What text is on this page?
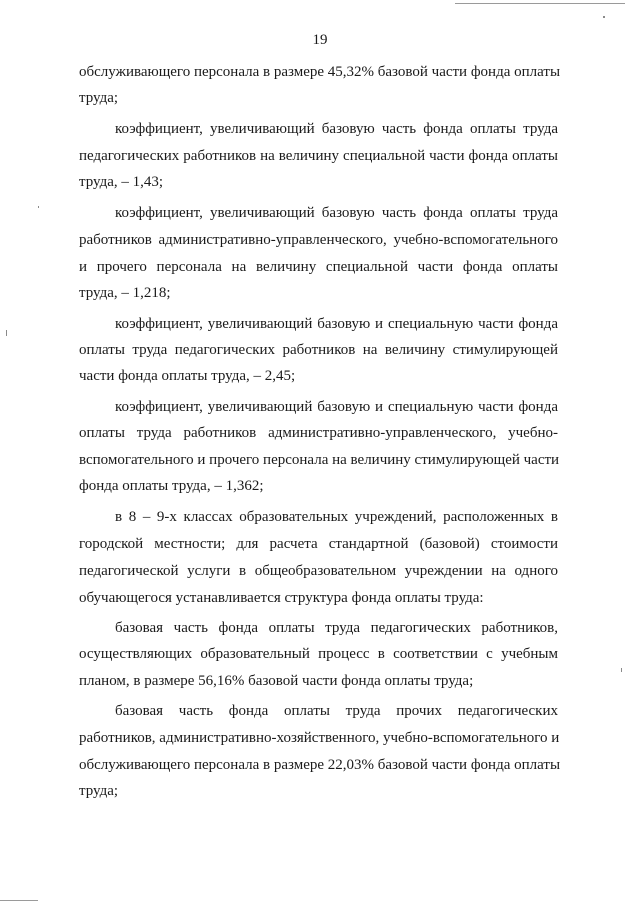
19
обслуживающего персонала в размере 45,32% базовой части фонда оплаты
труда;
коэффициент, увеличивающий базовую часть фонда оплаты труда
педагогических работников на величину специальной части фонда оплаты
труда, – 1,43;
коэффициент, увеличивающий базовую часть фонда оплаты труда
работников административно-управленческого, учебно-вспомогательного
и прочего персонала на величину специальной части фонда оплаты
труда, – 1,218;
коэффициент, увеличивающий базовую и специальную части фонда
оплаты труда педагогических работников на величину стимулирующей
части фонда оплаты труда, – 2,45;
коэффициент, увеличивающий базовую и специальную части фонда
оплаты труда работников административно-управленческого, учебно-
вспомогательного и прочего персонала на величину стимулирующей части
фонда оплаты труда, – 1,362;
в 8 – 9-х классах образовательных учреждений, расположенных в
городской местности; для расчета стандартной (базовой) стоимости
педагогической услуги в общеобразовательном учреждении на одного
обучающегося устанавливается структура фонда оплаты труда:
базовая часть фонда оплаты труда педагогических работников,
осуществляющих образовательный процесс в соответствии с учебным
планом, в размере 56,16% базовой части фонда оплаты труда;
базовая часть фонда оплаты труда прочих педагогических
работников, административно-хозяйственного, учебно-вспомогательного и
обслуживающего персонала в размере 22,03% базовой части фонда оплаты
труда;
